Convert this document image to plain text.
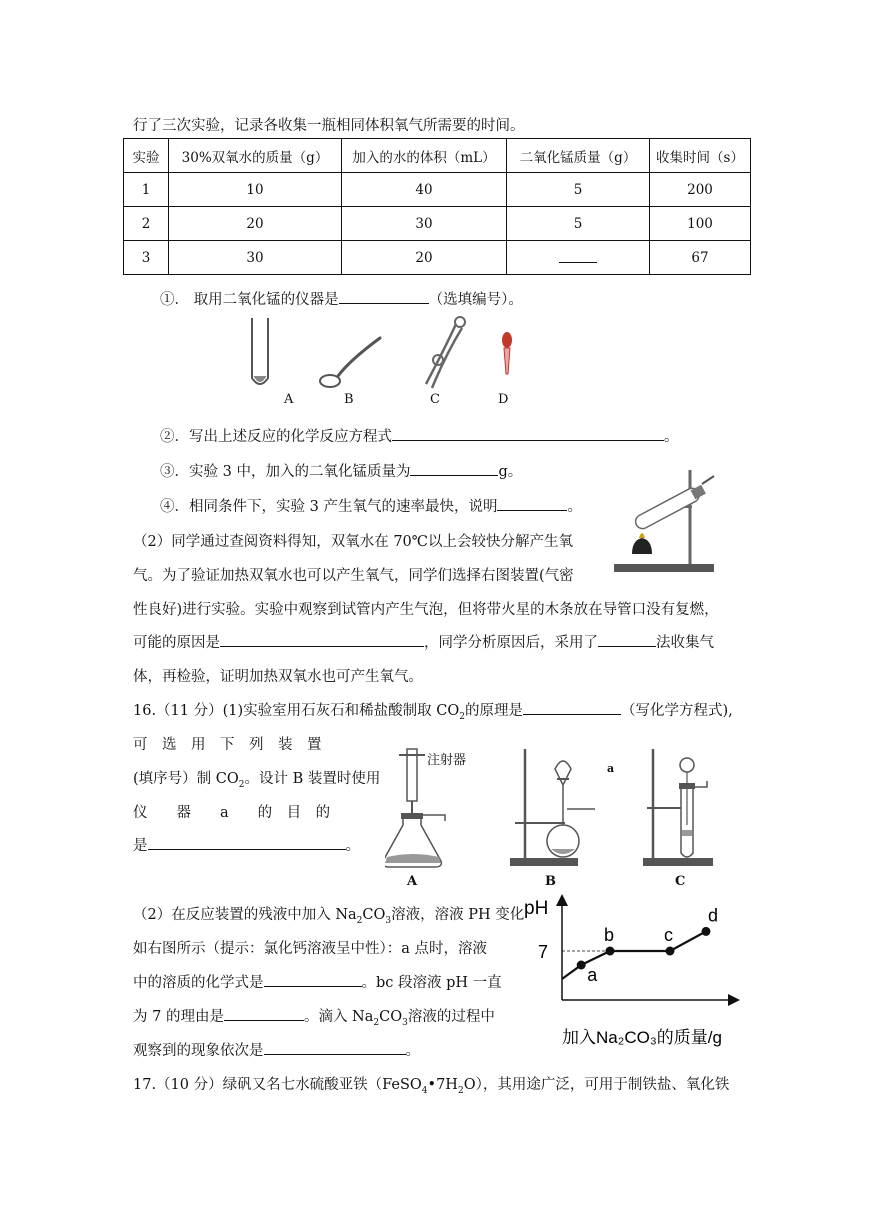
行了三次实验，记录各收集一瓶相同体积氧气所需要的时间。
实验	30%双氧水的质量（g）	加入的水的体积（mL）	二氧化锰质量（g）	收集时间（s）
1	10	40	5	200
2	20	30	5	100
3	30	20		67
①． 取用二氧化锰的仪器是	（选填编号）。
A	B	C	D
②．写出上述反应的化学反应方程式	。
③．实验 3 中，加入的二氧化锰质量为	g。
④．相同条件下，实验 3 产生氧气的速率最快，说明	。
（2）同学通过查阅资料得知，双氧水在 70℃以上会较快分解产生氧
气。为了验证加热双氧水也可以产生氧气，同学们选择右图装置(气密
性良好)进行实验。实验中观察到试管内产生气泡，但将带火星的木条放在导管口没有复燃，
可能的原因是	，同学分析原因后，采用了	法收集气
体，再检验，证明加热双氧水也可产生氧气。
16.（11 分）(1)实验室用石灰石和稀盐酸制取 $CO_2$的原理是	（写化学方程式),
可　选　用　下　列　装　置
(填序号）制 $CO_2$。设计 B 装置时使用
仪　　器　　a　　的　目　的
是	。
注射器
a
A	B	C
（2）在反应装置的残液中加入 $Na_2CO_3$溶液，溶液 PH 变化
如右图所示（提示：氯化钙溶液呈中性）：a 点时，溶液
中的溶质的化学式是	。bc 段溶液 pH 一直
为 7 的理由是	。滴入 $Na_2CO_3$溶液的过程中
观察到的现象依次是	。
pH
7
a
b	c
d
加入Na₂CO₃的质量/g
17.（10 分）绿矾又名七水硫酸亚铁$(FeSO_4•7H_2O)$，其用途广泛，可用于制铁盐、氧化铁
